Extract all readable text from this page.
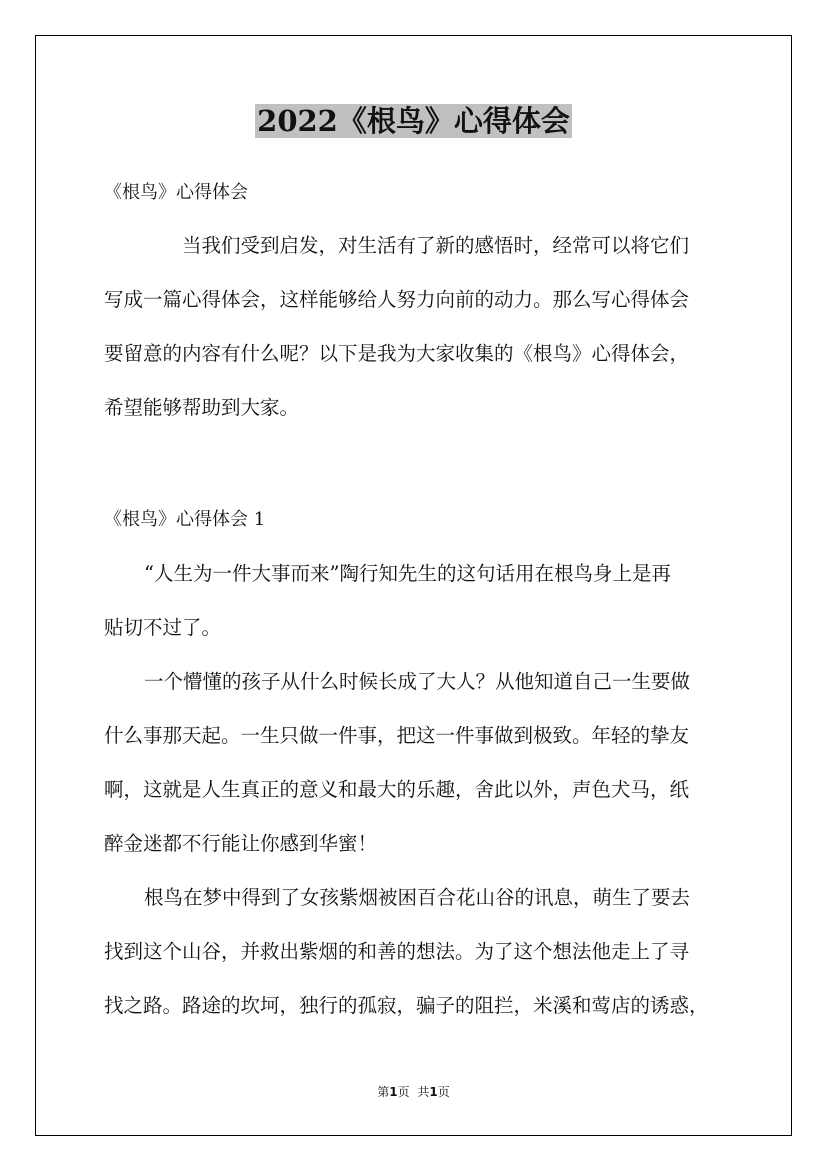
2022《根鸟》心得体会

《根鸟》心得体会

当我们受到启发，对生活有了新的感悟时，经常可以将它们
写成一篇心得体会，这样能够给人努力向前的动力。那么写心得体会
要留意的内容有什么呢？以下是我为大家收集的《根鸟》心得体会，
希望能够帮助到大家。

《根鸟》心得体会 1

“人生为一件大事而来”陶行知先生的这句话用在根鸟身上是再
贴切不过了。
一个懵懂的孩子从什么时候长成了大人？从他知道自己一生要做
什么事那天起。一生只做一件事，把这一件事做到极致。年轻的挚友
啊，这就是人生真正的意义和最大的乐趣，舍此以外，声色犬马，纸
醉金迷都不行能让你感到华蜜！
根鸟在梦中得到了女孩紫烟被困百合花山谷的讯息，萌生了要去
找到这个山谷，并救出紫烟的和善的想法。为了这个想法他走上了寻
找之路。路途的坎坷，独行的孤寂，骗子的阻拦，米溪和莺店的诱惑，
第1页 共1页
